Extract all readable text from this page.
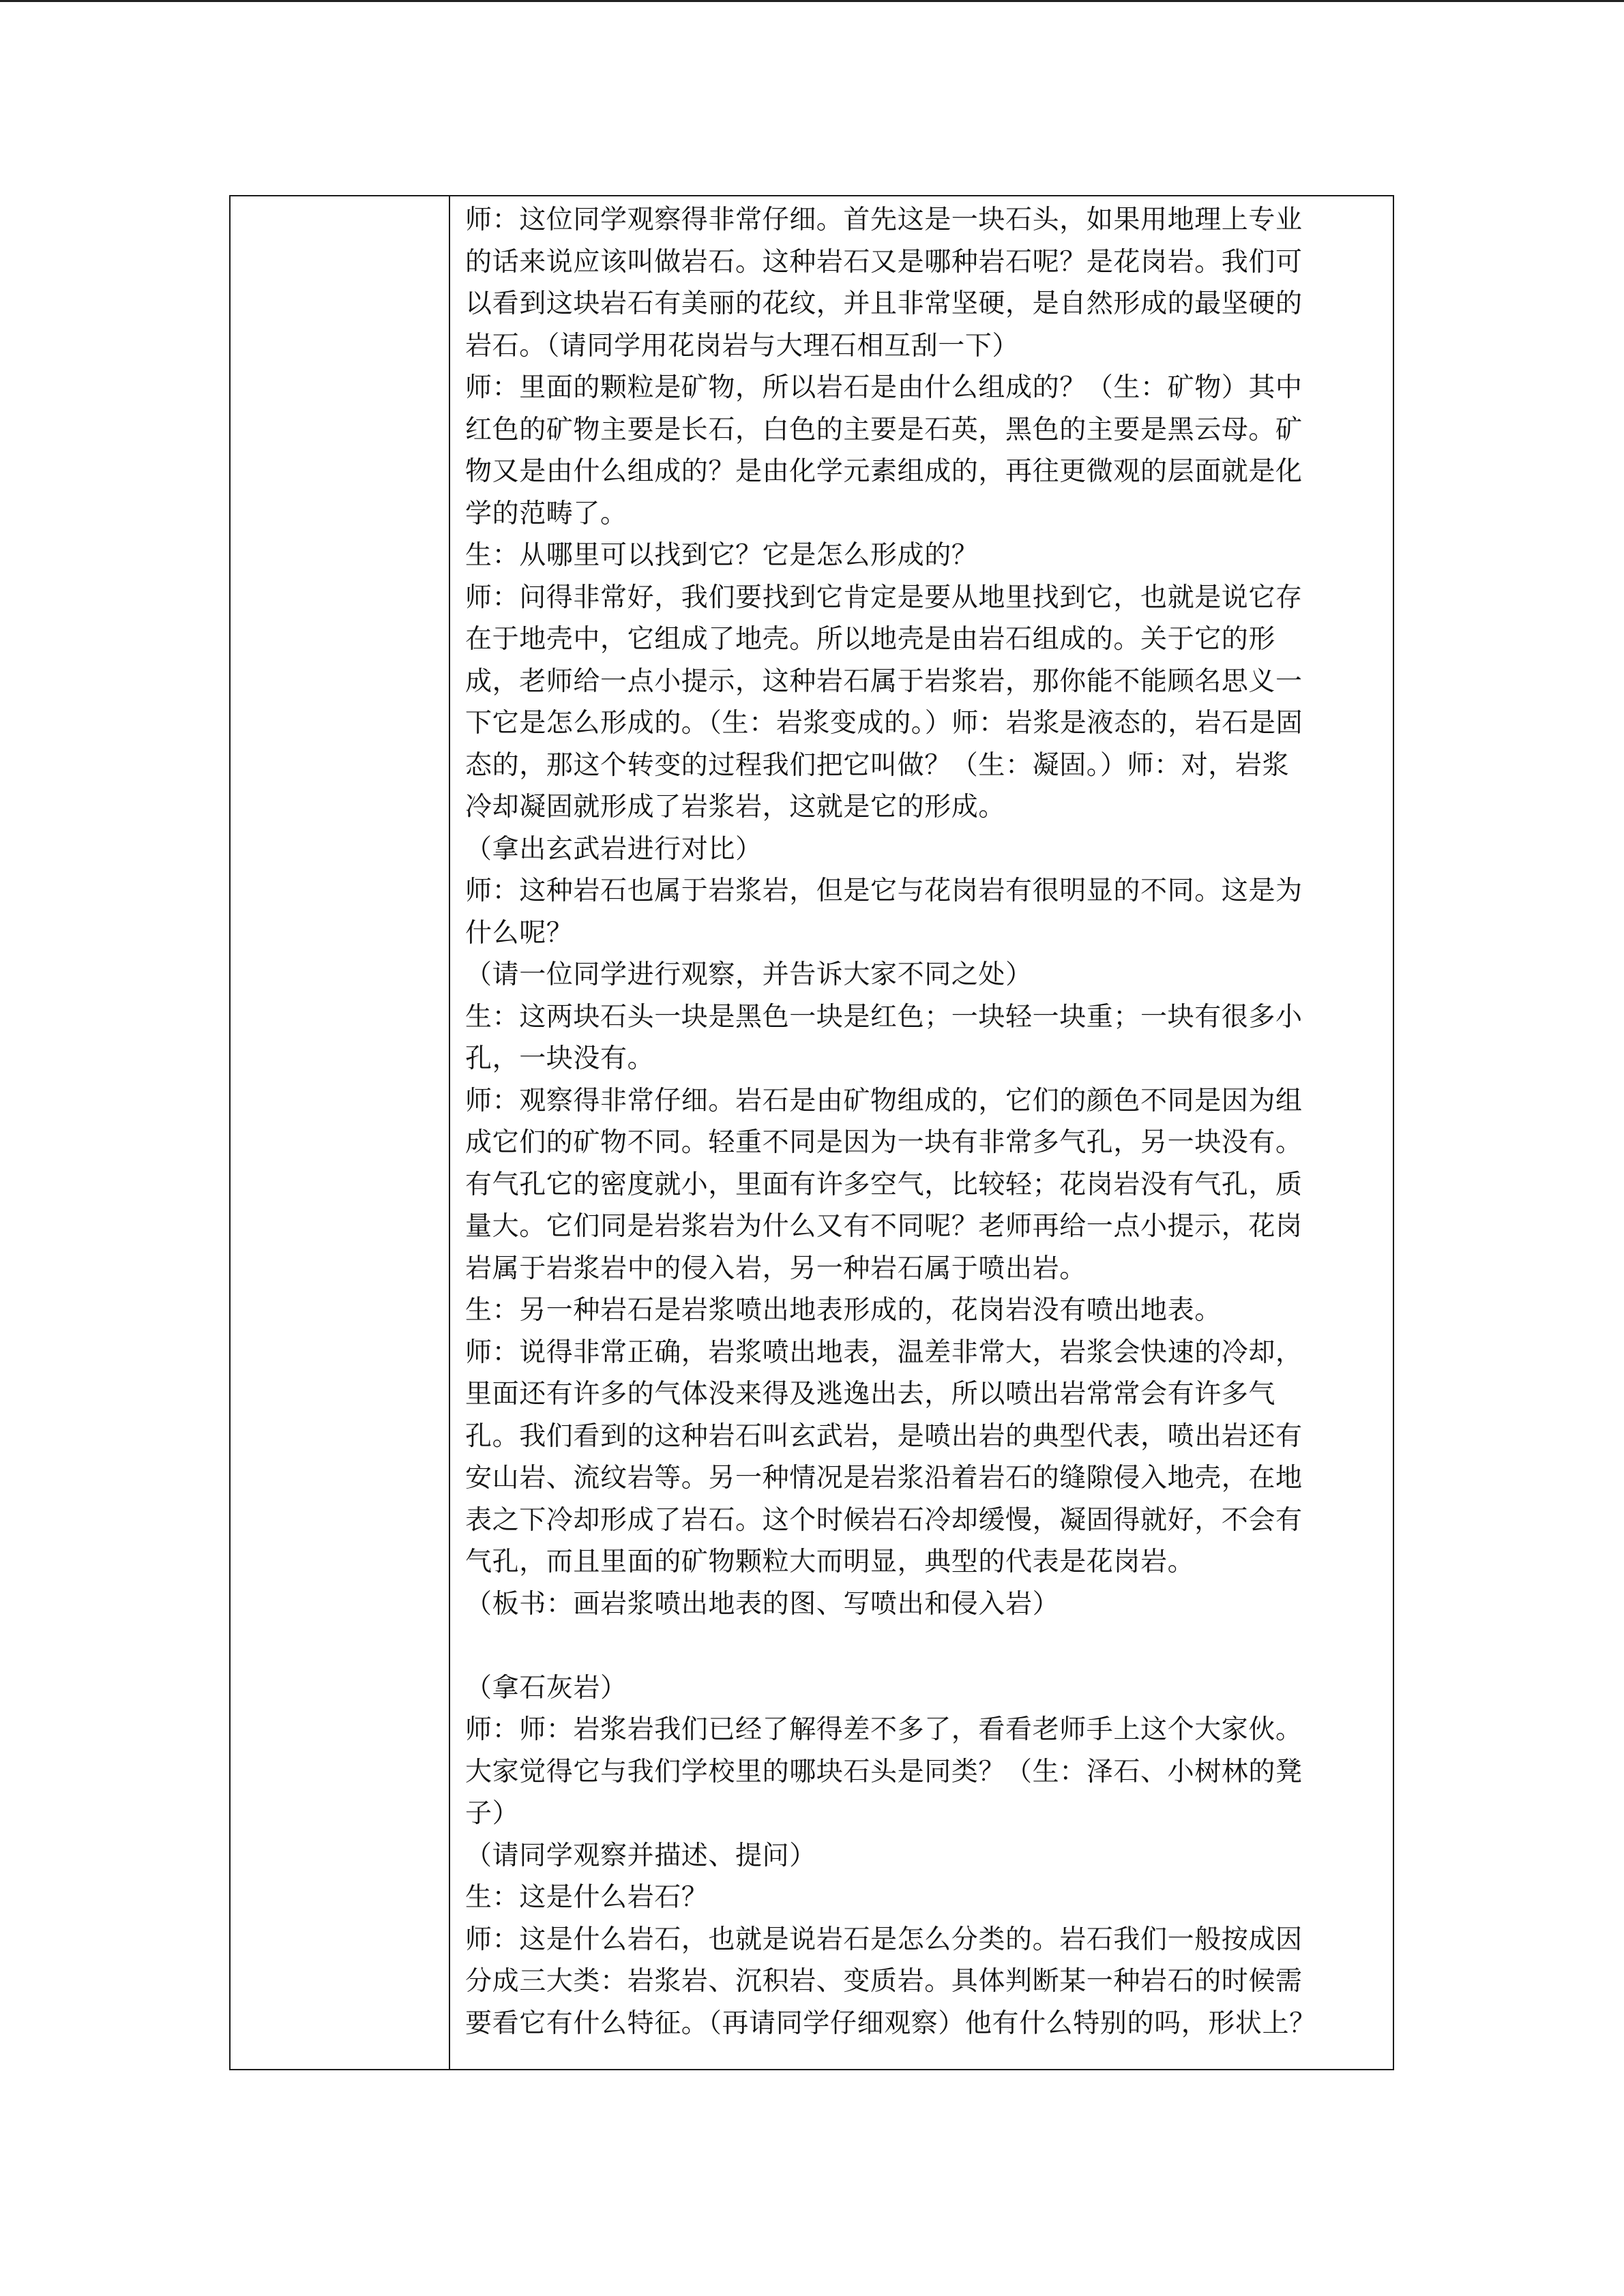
师：这位同学观察得非常仔细。首先这是一块石头，如果用地理上专业
的话来说应该叫做岩石。这种岩石又是哪种岩石呢？是花岗岩。我们可
以看到这块岩石有美丽的花纹，并且非常坚硬，是自然形成的最坚硬的
岩石。（请同学用花岗岩与大理石相互刮一下）
师：里面的颗粒是矿物，所以岩石是由什么组成的？（生：矿物）其中
红色的矿物主要是长石，白色的主要是石英，黑色的主要是黑云母。矿
物又是由什么组成的？是由化学元素组成的，再往更微观的层面就是化
学的范畴了。
生：从哪里可以找到它？它是怎么形成的？
师：问得非常好，我们要找到它肯定是要从地里找到它，也就是说它存
在于地壳中，它组成了地壳。所以地壳是由岩石组成的。关于它的形
成，老师给一点小提示，这种岩石属于岩浆岩，那你能不能顾名思义一
下它是怎么形成的。（生：岩浆变成的。）师：岩浆是液态的，岩石是固
态的，那这个转变的过程我们把它叫做？（生：凝固。）师：对，岩浆
冷却凝固就形成了岩浆岩，这就是它的形成。
（拿出玄武岩进行对比）
师：这种岩石也属于岩浆岩，但是它与花岗岩有很明显的不同。这是为
什么呢？
（请一位同学进行观察，并告诉大家不同之处）
生：这两块石头一块是黑色一块是红色；一块轻一块重；一块有很多小
孔，一块没有。
师：观察得非常仔细。岩石是由矿物组成的，它们的颜色不同是因为组
成它们的矿物不同。轻重不同是因为一块有非常多气孔，另一块没有。
有气孔它的密度就小，里面有许多空气，比较轻；花岗岩没有气孔，质
量大。它们同是岩浆岩为什么又有不同呢？老师再给一点小提示，花岗
岩属于岩浆岩中的侵入岩，另一种岩石属于喷出岩。
生：另一种岩石是岩浆喷出地表形成的，花岗岩没有喷出地表。
师：说得非常正确，岩浆喷出地表，温差非常大，岩浆会快速的冷却，
里面还有许多的气体没来得及逃逸出去，所以喷出岩常常会有许多气
孔。我们看到的这种岩石叫玄武岩，是喷出岩的典型代表，喷出岩还有
安山岩、流纹岩等。另一种情况是岩浆沿着岩石的缝隙侵入地壳，在地
表之下冷却形成了岩石。这个时候岩石冷却缓慢，凝固得就好，不会有
气孔，而且里面的矿物颗粒大而明显，典型的代表是花岗岩。
（板书：画岩浆喷出地表的图、写喷出和侵入岩）
（拿石灰岩）
师：师：岩浆岩我们已经了解得差不多了，看看老师手上这个大家伙。
大家觉得它与我们学校里的哪块石头是同类？（生：泽石、小树林的凳
子）
（请同学观察并描述、提问）
生：这是什么岩石？
师：这是什么岩石，也就是说岩石是怎么分类的。岩石我们一般按成因
分成三大类：岩浆岩、沉积岩、变质岩。具体判断某一种岩石的时候需
要看它有什么特征。（再请同学仔细观察）他有什么特别的吗，形状上？
